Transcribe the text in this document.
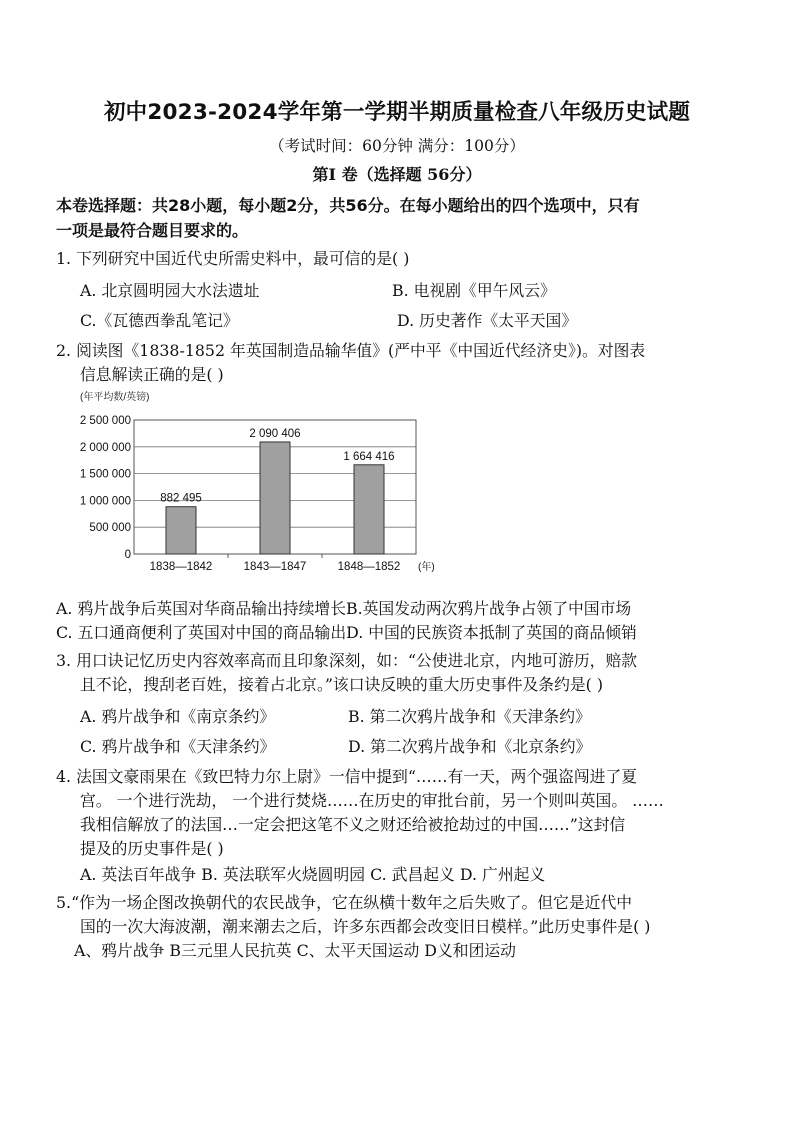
初中2023-2024学年第一学期半期质量检查八年级历史试题
（考试时间：60分钟 满分：100分）
第I 卷（选择题 56分）
本卷选择题：共28小题，每小题2分，共56分。在每小题给出的四个选项中，只有
一项是最符合题目要求的。
1. 下列研究中国近代史所需史料中，最可信的是( )
A. 北京圆明园大水法遗址	B. 电视剧《甲午风云》
C.《瓦德西拳乱笔记》	D. 历史著作《太平天国》
2. 阅读图《1838-1852 年英国制造品输华值》(严中平《中国近代经济史》)。对图表
信息解读正确的是( )
(年平均数/英镑)
0
500 000
1 000 000
1 500 000
2 000 000
2 500 000
882 495
1838—1842
2 090 406
1843—1847
1 664 416
1848—1852 (年)
A. 鸦片战争后英国对华商品输出持续增长B.英国发动两次鸦片战争占领了中国市场
C. 五口通商便利了英国对中国的商品输出D. 中国的民族资本抵制了英国的商品倾销
3. 用口诀记忆历史内容效率高而且印象深刻，如：“公使进北京，内地可游历，赔款
且不论，搜刮老百姓，接着占北京。”该口诀反映的重大历史事件及条约是( )
A. 鸦片战争和《南京条约》	B. 第二次鸦片战争和《天津条约》
C. 鸦片战争和《天津条约》	D. 第二次鸦片战争和《北京条约》
4. 法国文豪雨果在《致巴特力尔上尉》一信中提到“……有一天，两个强盗闯进了夏
宫。 一个进行洗劫， 一个进行焚烧……在历史的审批台前，另一个则叫英国。 ……
我相信解放了的法国…一定会把这笔不义之财还给被抢劫过的中国……”这封信
提及的历史事件是( )
A. 英法百年战争 B. 英法联军火烧圆明园 C. 武昌起义 D. 广州起义
5.“作为一场企图改换朝代的农民战争，它在纵横十数年之后失败了。但它是近代中
国的一次大海波潮，潮来潮去之后，许多东西都会改变旧日模样。”此历史事件是( )
A、鸦片战争 B三元里人民抗英 C、太平天国运动 D义和团运动
